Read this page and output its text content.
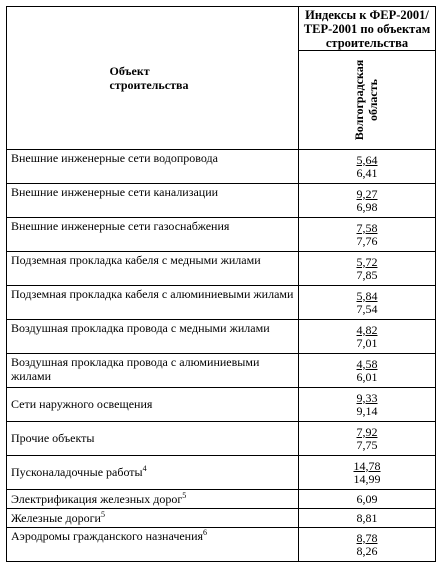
Объект строительства	Индексы к ФЕР-2001/ТЕР-2001 по объектам строительства

	Волгоградская область

Внешние инженерные сети водопровода	5,64
6,41

Внешние инженерные сети канализации	9,27
6,98

Внешние инженерные сети газоснабжения	7,58
7,76

Подземная прокладка кабеля с медными жилами	5,72
7,85

Подземная прокладка кабеля с алюминиевыми жилами	5,84
7,54

Воздушная прокладка провода с медными жилами	4,82
7,01

Воздушная прокладка провода с алюминиевыми жилами	4,58
6,01

Сети наружного освещения	9,33
9,14

Прочие объекты	7,92
7,75

Пусконаладочные работы$^4$	14,78
14,99

Электрификация железных дорог$^5$	6,09
Железные дороги$^5$	8,81
Аэродромы гражданского назначения$^6$	8,78
8,26
